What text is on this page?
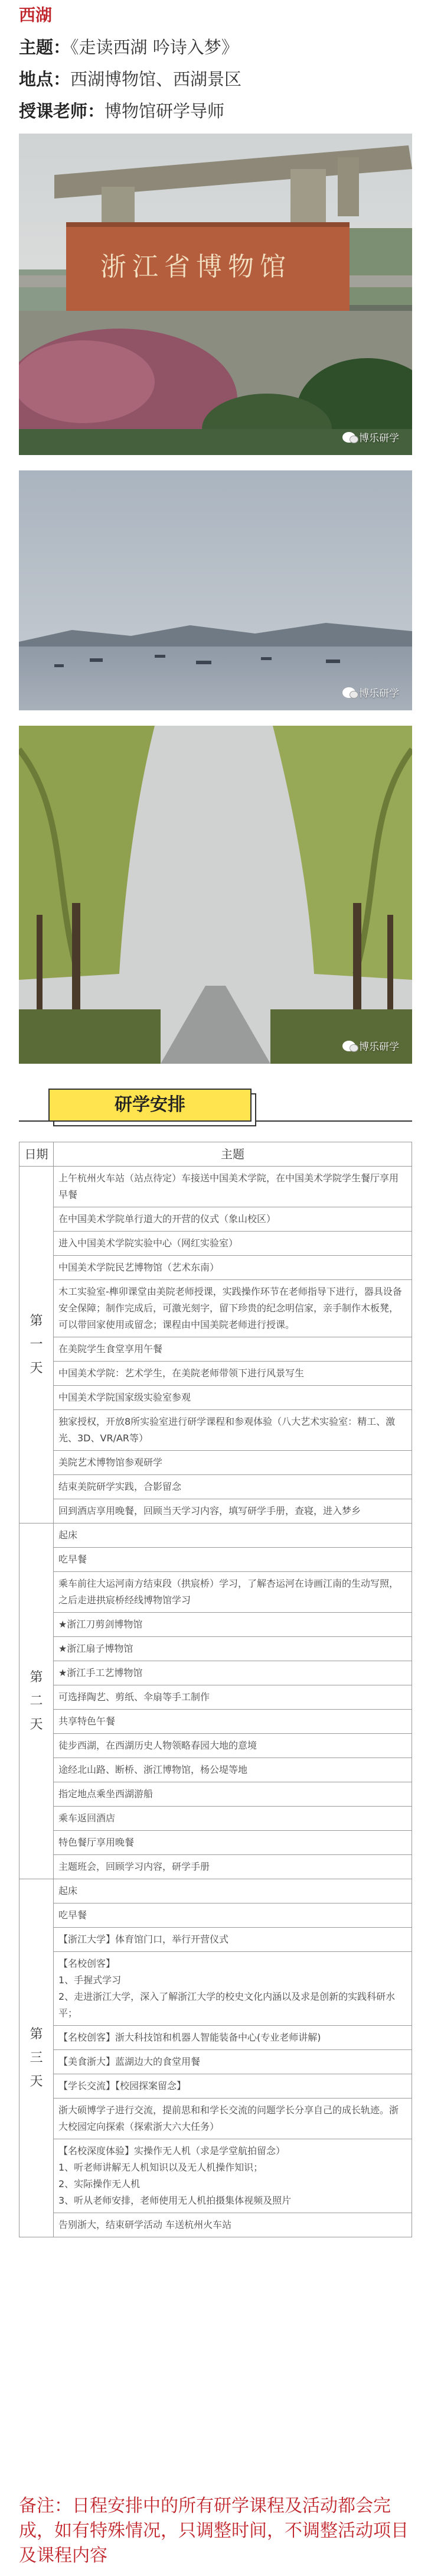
西湖
主题：《走读西湖 吟诗入梦》
地点：西湖博物馆、西湖景区
授课老师：博物馆研学导师
浙江省博物馆
博乐研学
博乐研学
博乐研学
研学安排
日期	主题

第
一
天	上午杭州火车站（站点待定）车接送中国美术学院，在中国美术学院学生餐厅享用早餐
	在中国美术学院单行道大的开营的仪式（象山校区）
	进入中国美术学院实验中心（网红实验室）
	中国美术学院民艺博物馆（艺术东南）
	木工实验室-榫卯课堂由美院老师授课，实践操作环节在老师指导下进行，器具设备安全保障；制作完成后，可激光刻字，留下珍贵的纪念明信家，亲手制作木板凳，可以带回家使用或留念；课程由中国美院老师进行授课。
	在美院学生食堂享用午餐
	中国美术学院：艺术学生，在美院老师带领下进行风景写生
	中国美术学院国家级实验室参观
	独家授权，开放8所实验室进行研学课程和参观体验（八大艺术实验室：精工、激光、3D、VR/AR等）
	美院艺术博物馆参观研学
	结束美院研学实践，合影留念
	回到酒店享用晚餐，回顾当天学习内容，填写研学手册，查寝，进入梦乡

第
二
天	起床
	吃早餐
	乘车前往大运河南方结束段（拱宸桥）学习，了解杏运河在诗画江南的生动写照，之后走进拱宸桥经线博物馆学习
	★浙江刀剪剑博物馆
	★浙江扇子博物馆
	★浙江手工艺博物馆
	可选择陶艺、剪纸、伞扇等手工制作
	共享特色午餐
	徒步西湖，在西湖历史人物领略春园大地的意境
	途经北山路、断桥、浙江博物馆，杨公堤等地
	指定地点乘坐西湖游船
	乘车返回酒店
	特色餐厅享用晚餐
	主题班会，回顾学习内容，研学手册

第
三
天	起床
	吃早餐
	【浙江大学】体育馆门口，举行开营仪式
	【名校创客】
1、手握式学习
2、走进浙江大学，深入了解浙江大学的校史文化内涵以及求是创新的实践科研水平；
	【名校创客】浙大科技馆和机器人智能装备中心(专业老师讲解)
	【美食浙大】蓝湖边大的食堂用餐
	【学长交流】【校园探案留念】
	浙大硕博学子进行交流，提前思和和学长交流的问题学长分享自己的成长轨迹。浙大校园定向探索（探索浙大六大任务）
	【名校深度体验】实操作无人机（求是学堂航拍留念）
1、听老师讲解无人机知识以及无人机操作知识；
2、实际操作无人机
3、听从老师安排，老师使用无人机拍摄集体视频及照片
	告别浙大，结束研学活动 车送杭州火车站

备注：日程安排中的所有研学课程及活动都会完成，如有特殊情况，只调整时间，不调整活动项目及课程内容
